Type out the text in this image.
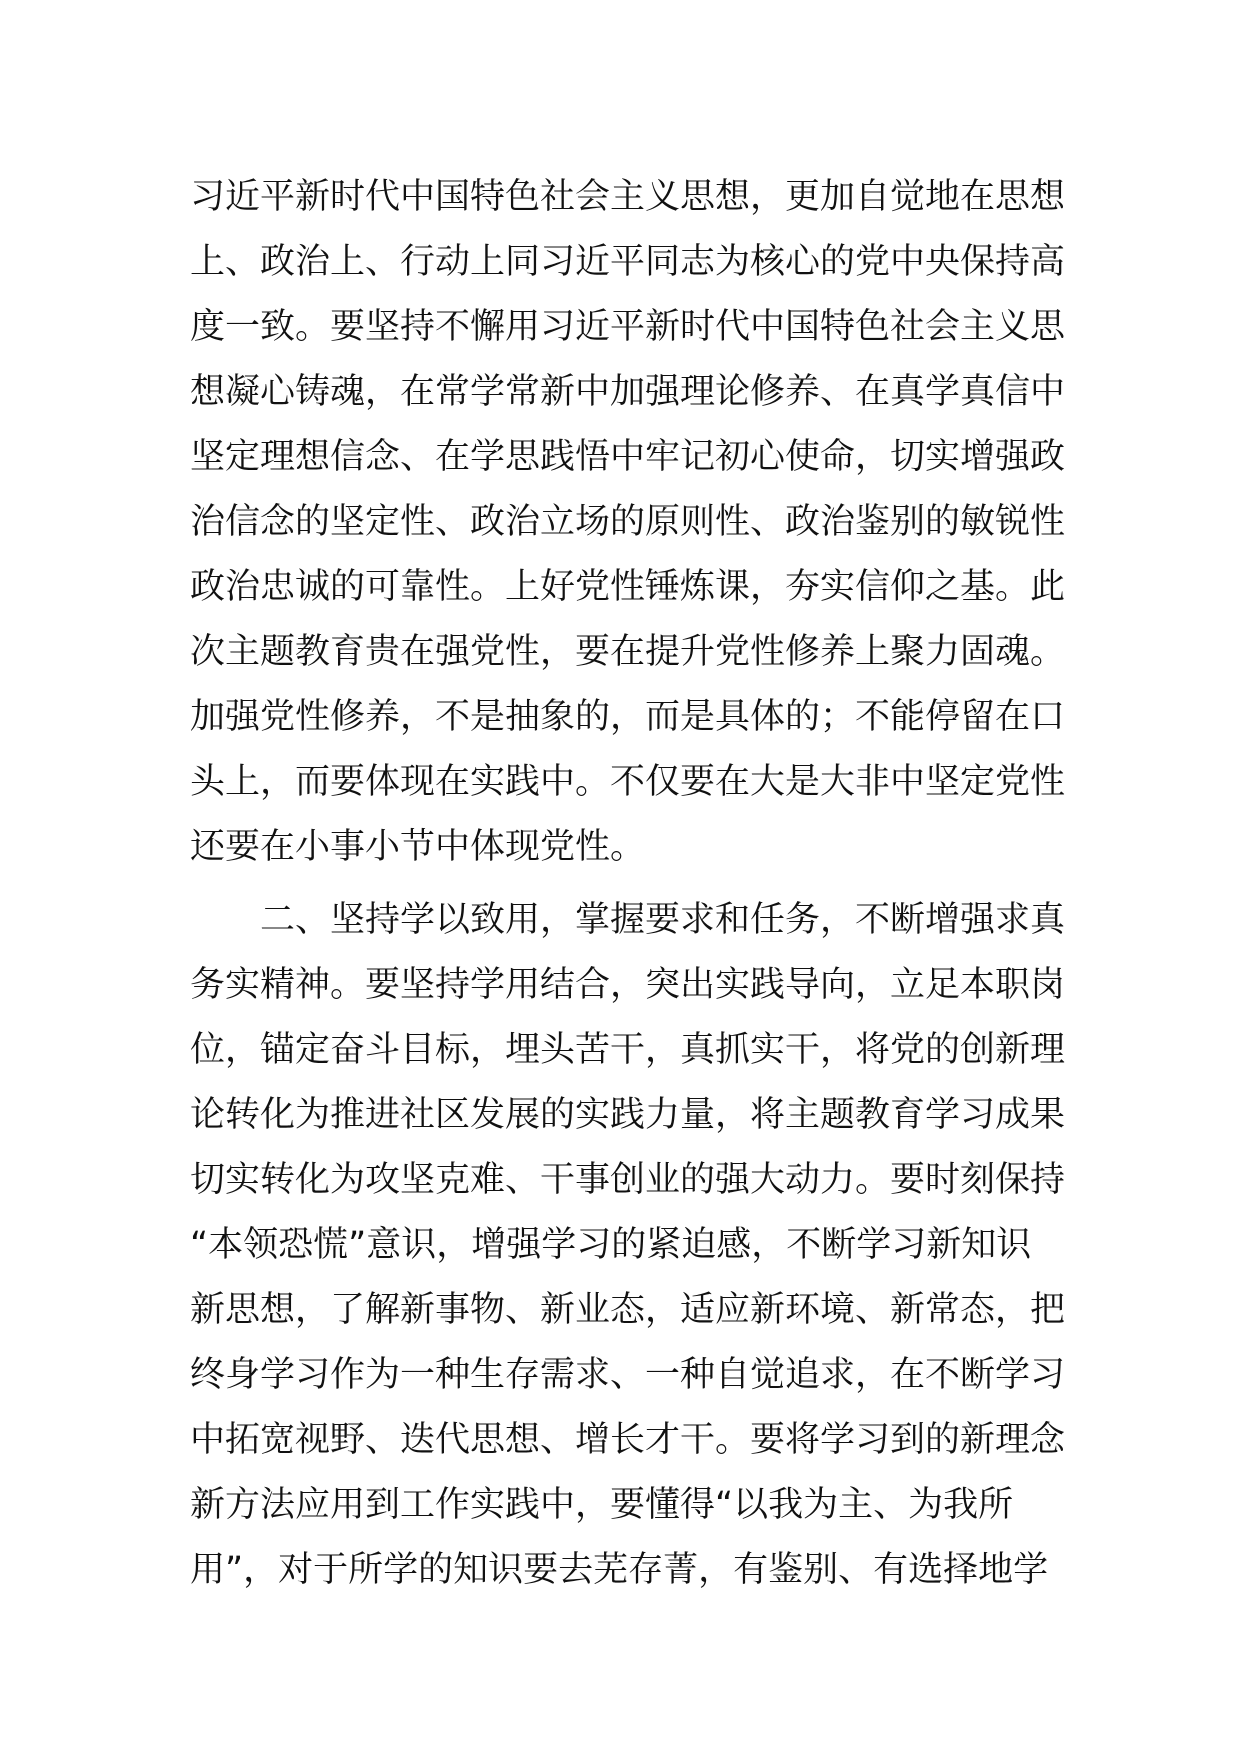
习近平新时代中国特色社会主义思想，更加自觉地在思想
上、政治上、行动上同习近平同志为核心的党中央保持高
度一致。要坚持不懈用习近平新时代中国特色社会主义思
想凝心铸魂，在常学常新中加强理论修养、在真学真信中
坚定理想信念、在学思践悟中牢记初心使命，切实增强政
治信念的坚定性、政治立场的原则性、政治鉴别的敏锐性
政治忠诚的可靠性。上好党性锤炼课，夯实信仰之基。此
次主题教育贵在强党性，要在提升党性修养上聚力固魂。
加强党性修养，不是抽象的，而是具体的；不能停留在口
头上，而要体现在实践中。不仅要在大是大非中坚定党性
还要在小事小节中体现党性。
　　二、坚持学以致用，掌握要求和任务，不断增强求真
务实精神。要坚持学用结合，突出实践导向，立足本职岗
位，锚定奋斗目标，埋头苦干，真抓实干，将党的创新理
论转化为推进社区发展的实践力量，将主题教育学习成果
切实转化为攻坚克难、干事创业的强大动力。要时刻保持
“本领恐慌”意识，增强学习的紧迫感，不断学习新知识
新思想，了解新事物、新业态，适应新环境、新常态，把
终身学习作为一种生存需求、一种自觉追求，在不断学习
中拓宽视野、迭代思想、增长才干。要将学习到的新理念
新方法应用到工作实践中，要懂得“以我为主、为我所
用”，对于所学的知识要去芜存菁，有鉴别、有选择地学
